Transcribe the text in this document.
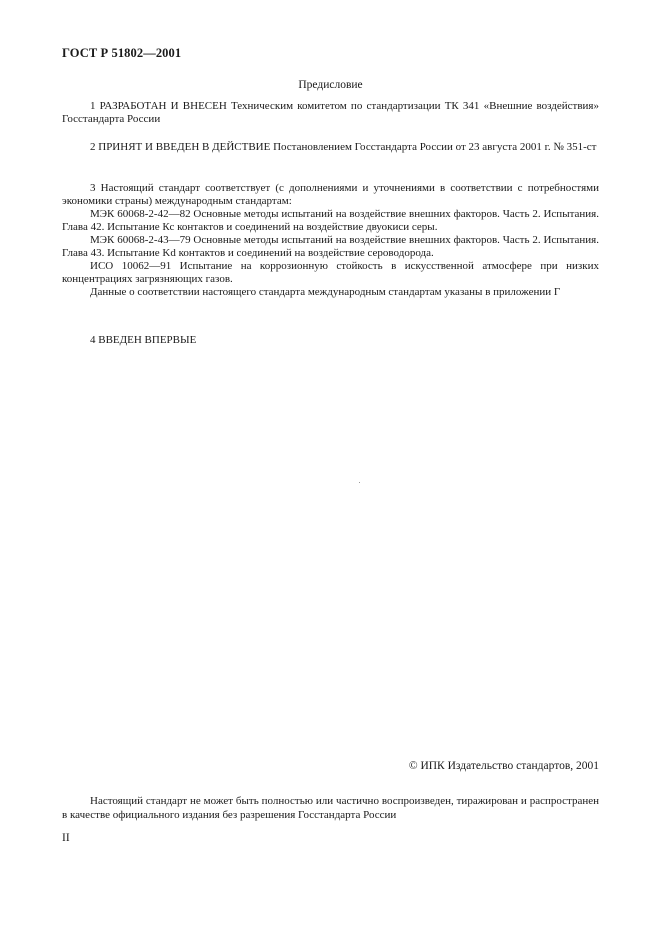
ГОСТ Р 51802—2001
Предисловие

1 РАЗРАБОТАН И ВНЕСЕН Техническим комитетом по стандартизации ТК 341 «Внешние воздействия» Госстандарта России

2 ПРИНЯТ И ВВЕДЕН В ДЕЙСТВИЕ Постановлением Госстандарта России от 23 августа 2001 г. № 351-ст

3 Настоящий стандарт соответствует (с дополнениями и уточнениями в соответствии с потребностями экономики страны) международным стандартам:

МЭК 60068-2-42—82 Основные методы испытаний на воздействие внешних факторов. Часть 2. Испытания. Глава 42. Испытание Кс контактов и соединений на воздействие двуокиси серы.

МЭК 60068-2-43—79 Основные методы испытаний на воздействие внешних факторов. Часть 2. Испытания. Глава 43. Испытание Kd контактов и соединений на воздействие сероводорода.

ИСО 10062—91 Испытание на коррозионную стойкость в искусственной атмосфере при низких концентрациях загрязняющих газов.

Данные о соответствии настоящего стандарта международным стандартам указаны в приложении Г

4 ВВЕДЕН ВПЕРВЫЕ

© ИПК Издательство стандартов, 2001

Настоящий стандарт не может быть полностью или частично воспроизведен, тиражирован и распространен в качестве официального издания без разрешения Госстандарта России

II
